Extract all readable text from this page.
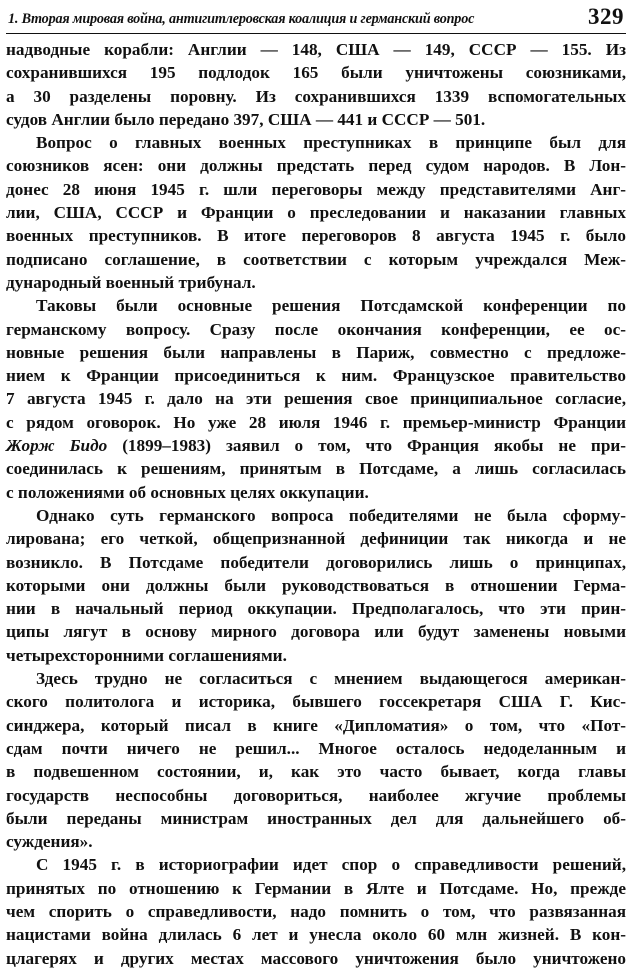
1. Вторая мировая война, антигитлеровская коалиция и германский вопрос	329
надводные корабли: Англии — 148, США — 149, СССР — 155. Из
сохранившихся 195 подлодок 165 были уничтожены союзниками,
а 30 разделены поровну. Из сохранившихся 1339 вспомогательных
судов Англии было передано 397, США — 441 и СССР — 501.
Вопрос о главных военных преступниках в принципе был для
союзников ясен: они должны предстать перед судом народов. В Лон-
донес 28 июня 1945 г. шли переговоры между представителями Анг-
лии, США, СССР и Франции о преследовании и наказании главных
военных преступников. В итоге переговоров 8 августа 1945 г. было
подписано соглашение, в соответствии с которым учреждался Меж-
дународный военный трибунал.
Таковы были основные решения Потсдамской конференции по
германскому вопросу. Сразу после окончания конференции, ее ос-
новные решения были направлены в Париж, совместно с предложе-
нием к Франции присоединиться к ним. Французское правительство
7 августа 1945 г. дало на эти решения свое принципиальное согласие,
с рядом оговорок. Но уже 28 июля 1946 г. премьер-министр Франции
Жорж Бидо (1899–1983) заявил о том, что Франция якобы не при-
соединилась к решениям, принятым в Потсдаме, а лишь согласилась
с положениями об основных целях оккупации.
Однако суть германского вопроса победителями не была сформу-
лирована; его четкой, общепризнанной дефиниции так никогда и не
возникло. В Потсдаме победители договорились лишь о принципах,
которыми они должны были руководствоваться в отношении Герма-
нии в начальный период оккупации. Предполагалось, что эти прин-
ципы лягут в основу мирного договора или будут заменены новыми
четырехсторонними соглашениями.
Здесь трудно не согласиться с мнением выдающегося американ-
ского политолога и историка, бывшего госсекретаря США Г. Кис-
синджера, который писал в книге «Дипломатия» о том, что «Пот-
сдам почти ничего не решил... Многое осталось недоделанным и
в подвешенном состоянии, и, как это часто бывает, когда главы
государств неспособны договориться, наиболее жгучие проблемы
были переданы министрам иностранных дел для дальнейшего об-
суждения».
С 1945 г. в историографии идет спор о справедливости решений,
принятых по отношению к Германии в Ялте и Потсдаме. Но, прежде
чем спорить о справедливости, надо помнить о том, что развязанная
нацистами война длилась 6 лет и унесла около 60 млн жизней. В кон-
цлагерях и других местах массового уничтожения было уничтожено
